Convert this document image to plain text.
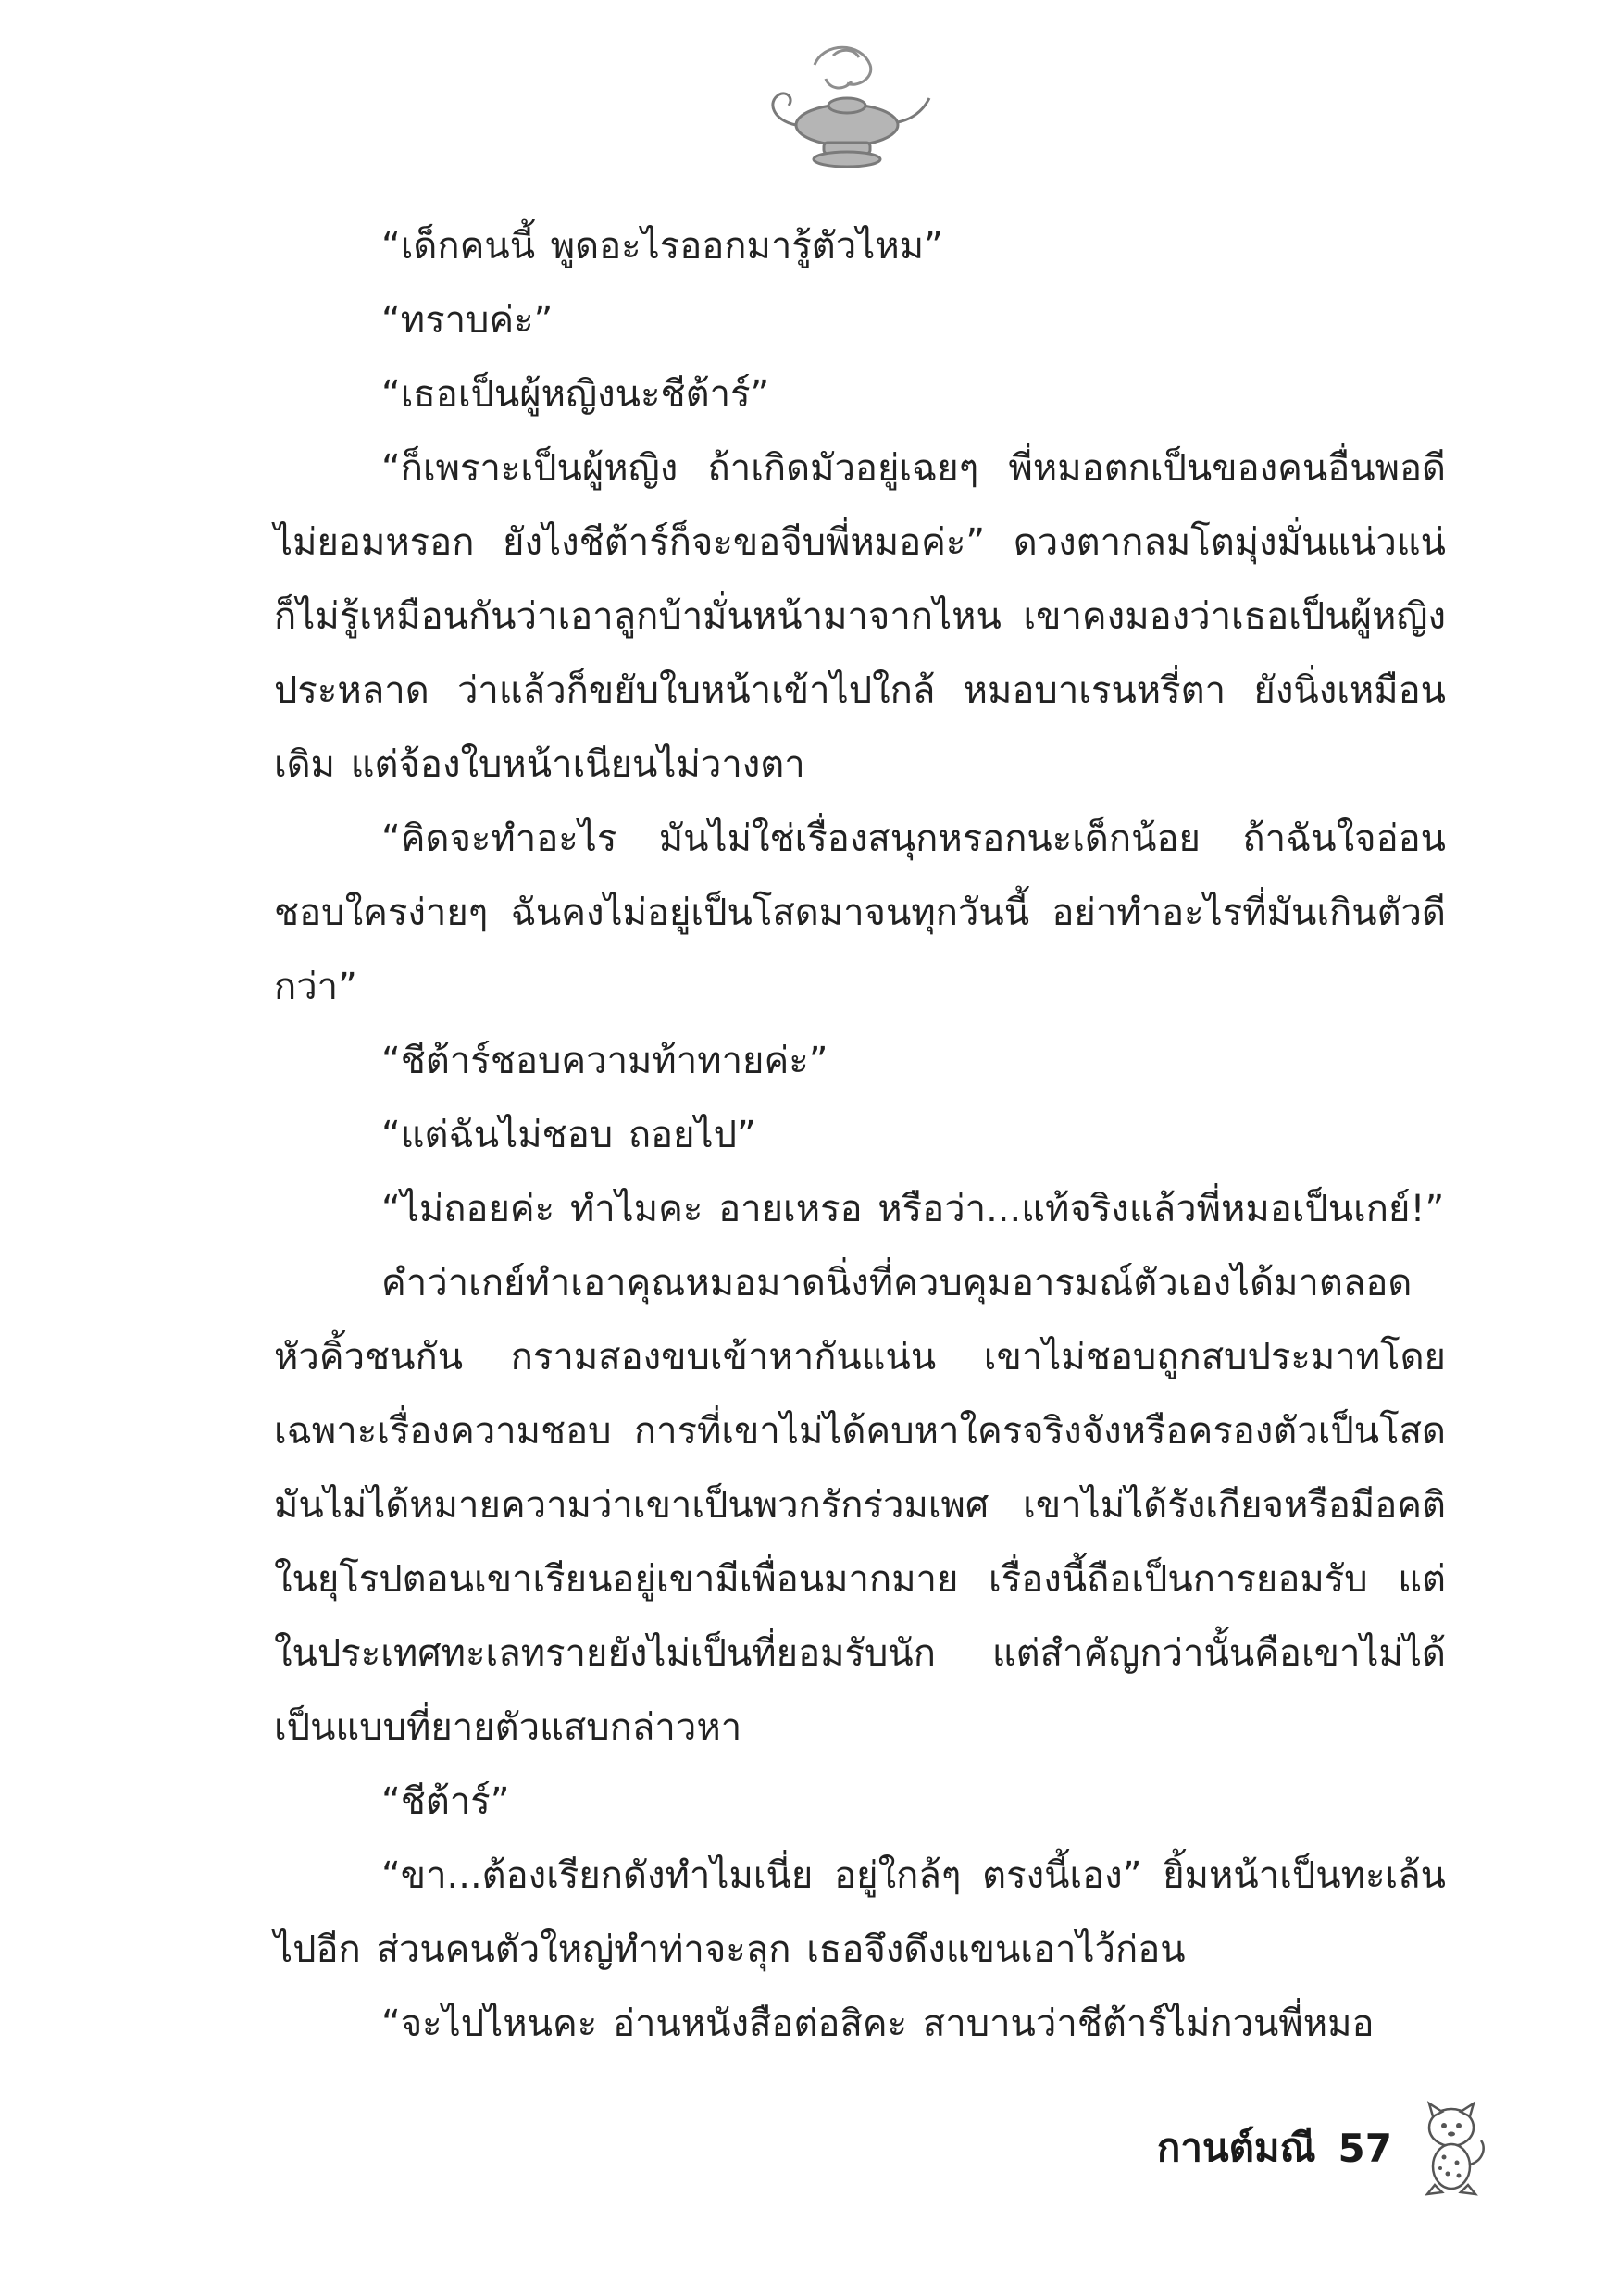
“เด็กคนนี้ พูดอะไรออกมารู้ตัวไหม”

“ทราบค่ะ”

“เธอเป็นผู้หญิงนะชีต้าร์”

“ก็เพราะเป็นผู้หญิง ถ้าเกิดมัวอยู่เฉยๆ พี่หมอตกเป็นของคนอื่นพอดี ไม่ยอมหรอก ยังไงชีต้าร์ก็จะขอจีบพี่หมอค่ะ” ดวงตากลมโตมุ่งมั่นแน่วแน่ ก็ไม่รู้เหมือนกันว่าเอาลูกบ้ามั่นหน้ามาจากไหน เขาคงมองว่าเธอเป็นผู้หญิงประหลาด ว่าแล้วก็ขยับใบหน้าเข้าไปใกล้ หมอบาเรนหรี่ตา ยังนิ่งเหมือนเดิม แต่จ้องใบหน้าเนียนไม่วางตา

“คิดจะทำอะไร มันไม่ใช่เรื่องสนุกหรอกนะเด็กน้อย ถ้าฉันใจอ่อนชอบใครง่ายๆ ฉันคงไม่อยู่เป็นโสดมาจนทุกวันนี้ อย่าทำอะไรที่มันเกินตัวดีกว่า”

“ชีต้าร์ชอบความท้าทายค่ะ”

“แต่ฉันไม่ชอบ ถอยไป”

“ไม่ถอยค่ะ ทำไมคะ อายเหรอ หรือว่า...แท้จริงแล้วพี่หมอเป็นเกย์!”

คำว่าเกย์ทำเอาคุณหมอมาดนิ่งที่ควบคุมอารมณ์ตัวเองได้มาตลอดหัวคิ้วชนกัน กรามสองขบเข้าหากันแน่น เขาไม่ชอบถูกสบประมาทโดยเฉพาะเรื่องความชอบ การที่เขาไม่ได้คบหาใครจริงจังหรือครองตัวเป็นโสด มันไม่ได้หมายความว่าเขาเป็นพวกรักร่วมเพศ เขาไม่ได้รังเกียจหรือมีอคติ ในยุโรปตอนเขาเรียนอยู่เขามีเพื่อนมากมาย เรื่องนี้ถือเป็นการยอมรับ แต่ในประเทศทะเลทรายยังไม่เป็นที่ยอมรับนัก แต่สำคัญกว่านั้นคือเขาไม่ได้เป็นแบบที่ยายตัวแสบกล่าวหา

“ชีต้าร์”

“ขา...ต้องเรียกดังทำไมเนี่ย อยู่ใกล้ๆ ตรงนี้เอง” ยิ้มหน้าเป็นทะเล้นไปอีก ส่วนคนตัวใหญ่ทำท่าจะลุก เธอจึงดึงแขนเอาไว้ก่อน

“จะไปไหนคะ อ่านหนังสือต่อสิคะ สาบานว่าชีต้าร์ไม่กวนพี่หมอ

กานต์มณี 57
